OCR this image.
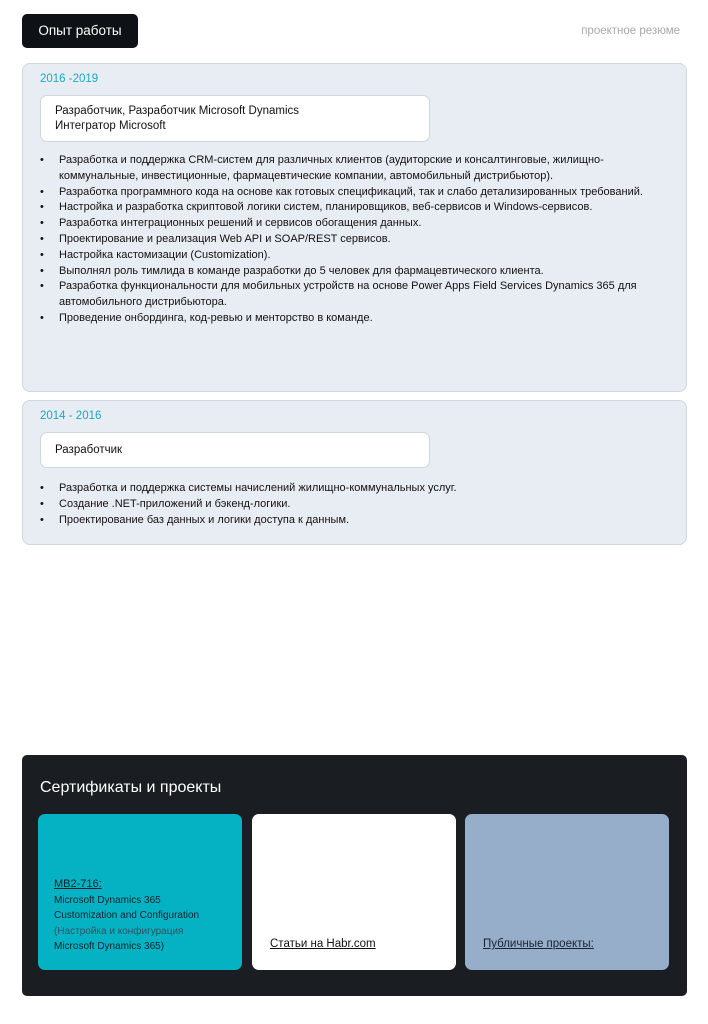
Опыт работы	проектное резюме
2016 -2019
Разработчик, Разработчик Microsoft Dynamics
Интегратор Microsoft
• Разработка и поддержка CRM-систем для различных клиентов (аудиторские и консалтинговые, жилищно-коммунальные, инвестиционные, фармацевтические компании, автомобильный дистрибьютор).
• Разработка программного кода на основе как готовых спецификаций, так и слабо детализированных требований.
• Настройка и разработка скриптовой логики систем, планировщиков, веб-сервисов и Windows-сервисов.
• Разработка интеграционных решений и сервисов обогащения данных.
• Проектирование и реализация Web API и SOAP/REST сервисов.
• Настройка кастомизации (Customization).
• Выполнял роль тимлида в команде разработки до 5 человек для фармацевтического клиента.
• Разработка функциональности для мобильных устройств на основе Power Apps Field Services Dynamics 365 для автомобильного дистрибьютора.
• Проведение онбординга, код-ревью и менторство в команде.
2014 - 2016
Разработчик
• Разработка и поддержка системы начислений жилищно-коммунальных услуг.
• Создание .NET-приложений и бэкенд-логики.
• Проектирование баз данных и логики доступа к данным.
Сертификаты и проекты
MB2-716:
Microsoft Dynamics 365
Customization and Configuration
(Настройка и конфигурация
Microsoft Dynamics 365)	Статьи на Habr.com	Публичные проекты:
